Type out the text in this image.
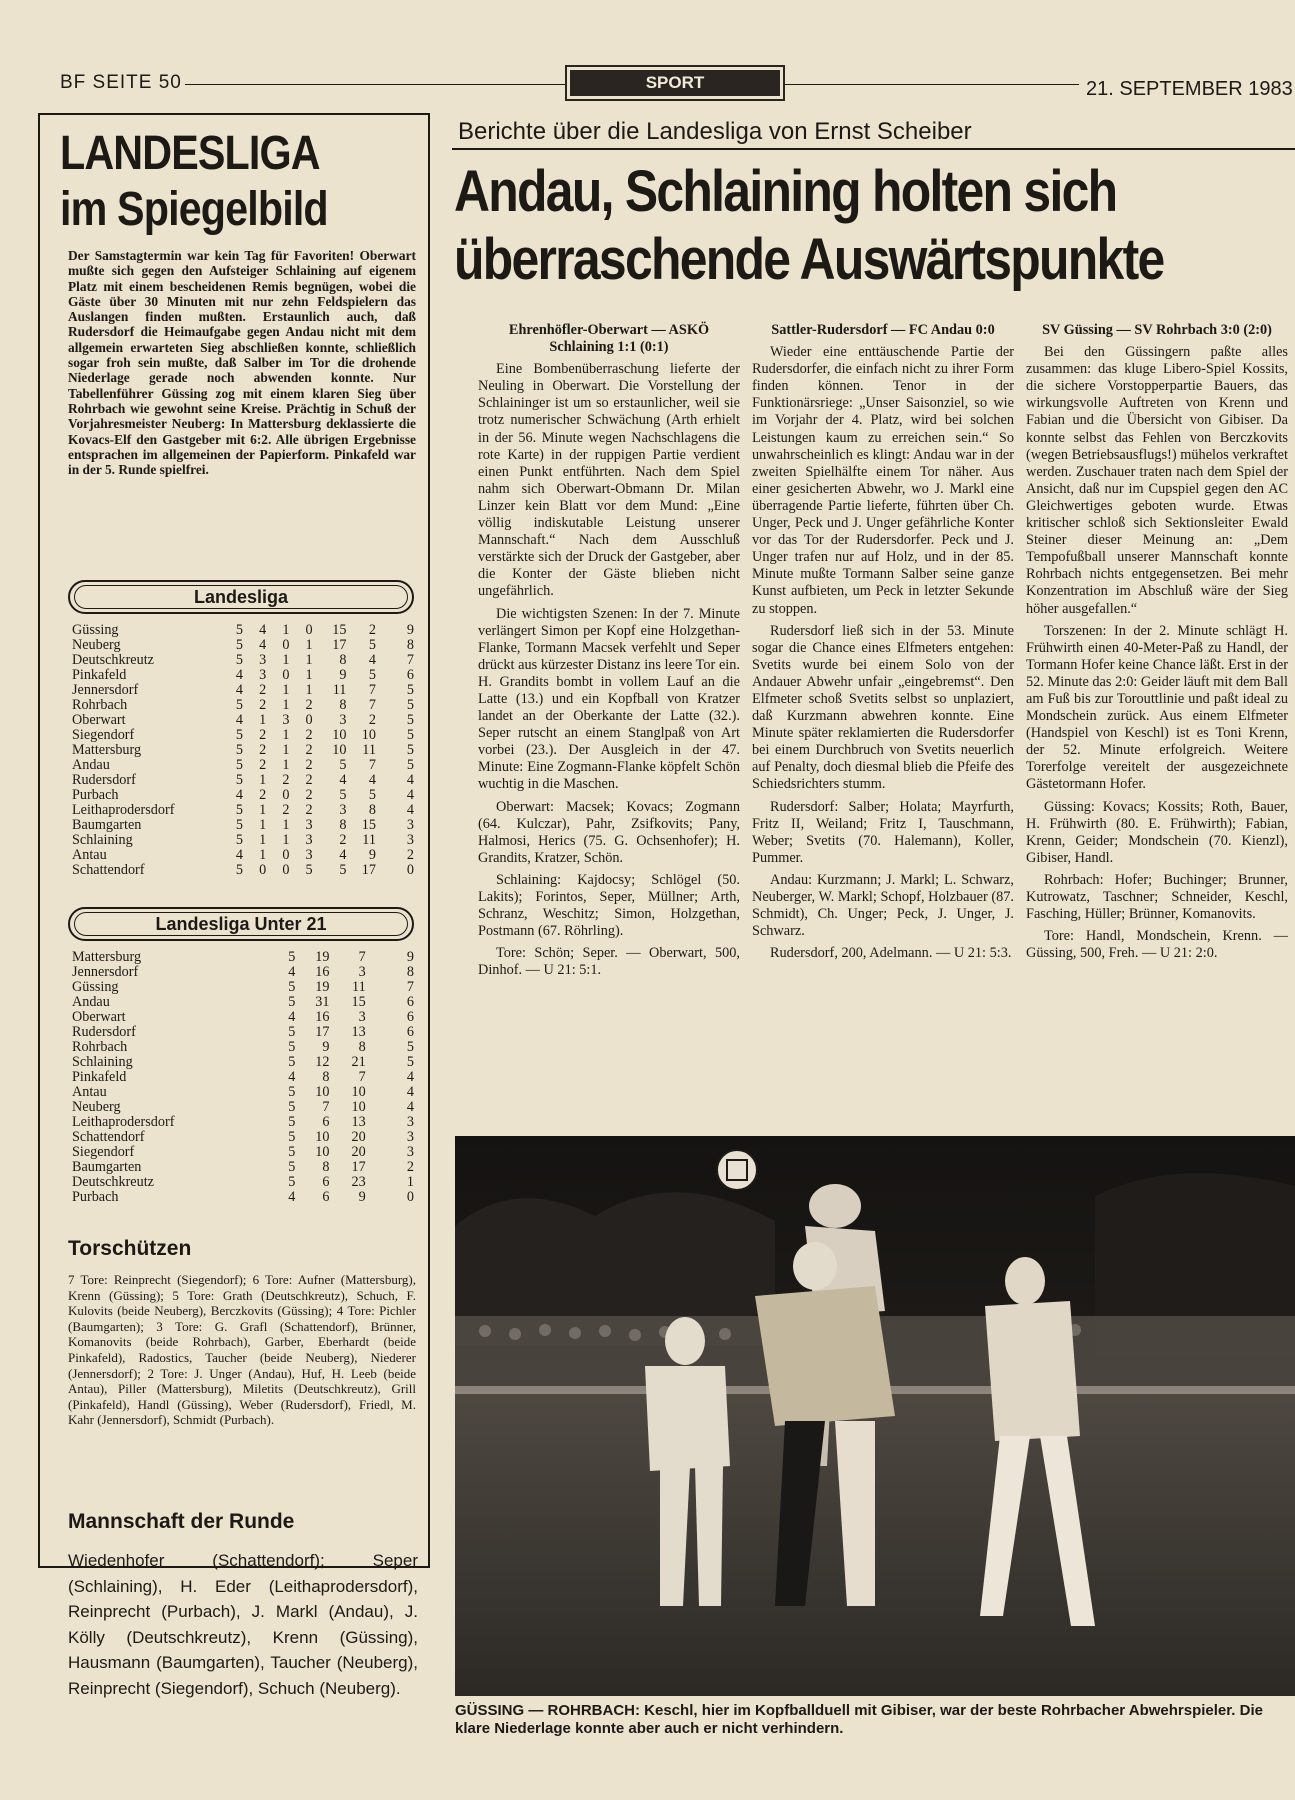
BF SEITE 50	SPORT	21. SEPTEMBER 1983
LANDESLIGA
im Spiegelbild
Der Samstagtermin war kein Tag für Favoriten! Oberwart mußte sich gegen den Aufsteiger Schlaining auf eigenem Platz mit einem bescheidenen Remis begnügen, wobei die Gäste über 30 Minuten mit nur zehn Feldspielern das Auslangen finden mußten. Erstaunlich auch, daß Rudersdorf die Heimaufgabe gegen Andau nicht mit dem allgemein erwarteten Sieg abschließen konnte, schließlich sogar froh sein mußte, daß Salber im Tor die drohende Niederlage gerade noch abwenden konnte. Nur Tabellenführer Güssing zog mit einem klaren Sieg über Rohrbach wie gewohnt seine Kreise. Prächtig in Schuß der Vorjahresmeister Neuberg: In Mattersburg deklassierte die Kovacs-Elf den Gastgeber mit 6:2. Alle übrigen Ergebnisse entsprachen im allgemeinen der Papierform. Pinkafeld war in der 5. Runde spielfrei.
Landesliga
Güssing	5	4	1	0	15	2	9
Neuberg	5	4	0	1	17	5	8
Deutschkreutz	5	3	1	1	8	4	7
Pinkafeld	4	3	0	1	9	5	6
Jennersdorf	4	2	1	1	11	7	5
Rohrbach	5	2	1	2	8	7	5
Oberwart	4	1	3	0	3	2	5
Siegendorf	5	2	1	2	10	10	5
Mattersburg	5	2	1	2	10	11	5
Andau	5	2	1	2	5	7	5
Rudersdorf	5	1	2	2	4	4	4
Purbach	4	2	0	2	5	5	4
Leithaprodersdorf	5	1	2	2	3	8	4
Baumgarten	5	1	1	3	8	15	3
Schlaining	5	1	1	3	2	11	3
Antau	4	1	0	3	4	9	2
Schattendorf	5	0	0	5	5	17	0
Landesliga Unter 21
Mattersburg	5	19	7	9
Jennersdorf	4	16	3	8
Güssing	5	19	11	7
Andau	5	31	15	6
Oberwart	4	16	3	6
Rudersdorf	5	17	13	6
Rohrbach	5	9	8	5
Schlaining	5	12	21	5
Pinkafeld	4	8	7	4
Antau	5	10	10	4
Neuberg	5	7	10	4
Leithaprodersdorf	5	6	13	3
Schattendorf	5	10	20	3
Siegendorf	5	10	20	3
Baumgarten	5	8	17	2
Deutschkreutz	5	6	23	1
Purbach	4	6	9	0
Torschützen
7 Tore: Reinprecht (Siegendorf); 6 Tore: Aufner (Mattersburg), Krenn (Güssing); 5 Tore: Grath (Deutschkreutz), Schuch, F. Kulovits (beide Neuberg), Berczkovits (Güssing); 4 Tore: Pichler (Baumgarten); 3 Tore: G. Grafl (Schattendorf), Brünner, Komanovits (beide Rohrbach), Garber, Eberhardt (beide Pinkafeld), Radostics, Taucher (beide Neuberg), Niederer (Jennersdorf); 2 Tore: J. Unger (Andau), Huf, H. Leeb (beide Antau), Piller (Mattersburg), Miletits (Deutschkreutz), Grill (Pinkafeld), Handl (Güssing), Weber (Rudersdorf), Friedl, M. Kahr (Jennersdorf), Schmidt (Purbach).
Mannschaft der Runde
Wiedenhofer (Schattendorf); Seper (Schlaining), H. Eder (Leithaprodersdorf), Reinprecht (Purbach), J. Markl (Andau), J. Kölly (Deutschkreutz), Krenn (Güssing), Hausmann (Baumgarten), Taucher (Neuberg), Reinprecht (Siegendorf), Schuch (Neuberg).
Berichte über die Landesliga von Ernst Scheiber
Andau, Schlaining holten sich
überraschende Auswärtspunkte

Ehrenhöfler-Oberwart — ASKÖ Schlaining 1:1 (0:1)

Eine Bombenüberraschung lieferte der Neuling in Oberwart. Die Vorstellung der Schlaininger ist um so erstaunlicher, weil sie trotz numerischer Schwächung (Arth erhielt in der 56. Minute wegen Nachschlagens die rote Karte) in der ruppigen Partie verdient einen Punkt entführten. Nach dem Spiel nahm sich Oberwart-Obmann Dr. Milan Linzer kein Blatt vor dem Mund: „Eine völlig indiskutable Leistung unserer Mannschaft.“ Nach dem Ausschluß verstärkte sich der Druck der Gastgeber, aber die Konter der Gäste blieben nicht ungefährlich.

Die wichtigsten Szenen: In der 7. Minute verlängert Simon per Kopf eine Holzgethan-Flanke, Tormann Macsek verfehlt und Seper drückt aus kürzester Distanz ins leere Tor ein. H. Grandits bombt in vollem Lauf an die Latte (13.) und ein Kopfball von Kratzer landet an der Oberkante der Latte (32.). Seper rutscht an einem Stanglpaß von Art vorbei (23.). Der Ausgleich in der 47. Minute: Eine Zogmann-Flanke köpfelt Schön wuchtig in die Maschen.

Oberwart: Macsek; Kovacs; Zogmann (64. Kulczar), Pahr, Zsifkovits; Pany, Halmosi, Herics (75. G. Ochsenhofer); H. Grandits, Kratzer, Schön.

Schlaining: Kajdocsy; Schlögel (50. Lakits); Forintos, Seper, Müllner; Arth, Schranz, Weschitz; Simon, Holzgethan, Postmann (67. Röhrling).

Tore: Schön; Seper. — Oberwart, 500, Dinhof. — U 21: 5:1.

Sattler-Rudersdorf — FC Andau 0:0

Wieder eine enttäuschende Partie der Rudersdorfer, die einfach nicht zu ihrer Form finden können. Tenor in der Funktionärsriege: „Unser Saisonziel, so wie im Vorjahr der 4. Platz, wird bei solchen Leistungen kaum zu erreichen sein.“ So unwahrscheinlich es klingt: Andau war in der zweiten Spielhälfte einem Tor näher. Aus einer gesicherten Abwehr, wo J. Markl eine überragende Partie lieferte, führten über Ch. Unger, Peck und J. Unger gefährliche Konter vor das Tor der Rudersdorfer. Peck und J. Unger trafen nur auf Holz, und in der 85. Minute mußte Tormann Salber seine ganze Kunst aufbieten, um Peck in letzter Sekunde zu stoppen.

Rudersdorf ließ sich in der 53. Minute sogar die Chance eines Elfmeters entgehen: Svetits wurde bei einem Solo von der Andauer Abwehr unfair „eingebremst“. Den Elfmeter schoß Svetits selbst so unplaziert, daß Kurzmann abwehren konnte. Eine Minute später reklamierten die Rudersdorfer bei einem Durchbruch von Svetits neuerlich auf Penalty, doch diesmal blieb die Pfeife des Schiedsrichters stumm.

Rudersdorf: Salber; Holata; Mayrfurth, Fritz II, Weiland; Fritz I, Tauschmann, Weber; Svetits (70. Halemann), Koller, Pummer.

Andau: Kurzmann; J. Markl; L. Schwarz, Neuberger, W. Markl; Schopf, Holzbauer (87. Schmidt), Ch. Unger; Peck, J. Unger, J. Schwarz.

Rudersdorf, 200, Adelmann. — U 21: 5:3.

SV Güssing — SV Rohrbach 3:0 (2:0)

Bei den Güssingern paßte alles zusammen: das kluge Libero-Spiel Kossits, die sichere Vorstopperpartie Bauers, das wirkungsvolle Auftreten von Krenn und Fabian und die Übersicht von Gibiser. Da konnte selbst das Fehlen von Berczkovits (wegen Betriebsausflugs!) mühelos verkraftet werden. Zuschauer traten nach dem Spiel der Ansicht, daß nur im Cupspiel gegen den AC Gleichwertiges geboten wurde. Etwas kritischer schloß sich Sektionsleiter Ewald Steiner dieser Meinung an: „Dem Tempofußball unserer Mannschaft konnte Rohrbach nichts entgegensetzen. Bei mehr Konzentration im Abschluß wäre der Sieg höher ausgefallen.“

Torszenen: In der 2. Minute schlägt H. Frühwirth einen 40-Meter-Paß zu Handl, der Tormann Hofer keine Chance läßt. Erst in der 52. Minute das 2:0: Geider läuft mit dem Ball am Fuß bis zur Torouttlinie und paßt ideal zu Mondschein zurück. Aus einem Elfmeter (Handspiel von Keschl) ist es Toni Krenn, der 52. Minute erfolgreich. Weitere Torerfolge vereitelt der ausgezeichnete Gästetormann Hofer.

Güssing: Kovacs; Kossits; Roth, Bauer, H. Frühwirth (80. E. Frühwirth); Fabian, Krenn, Geider; Mondschein (70. Kienzl), Gibiser, Handl.

Rohrbach: Hofer; Buchinger; Brunner, Kutrowatz, Taschner; Schneider, Keschl, Fasching, Hüller; Brünner, Komanovits.

Tore: Handl, Mondschein, Krenn. — Güssing, 500, Freh. — U 21: 2:0.

GÜSSING — ROHRBACH: Keschl, hier im Kopfballduell mit Gibiser, war der beste Rohrbacher Abwehrspieler. Die klare Niederlage konnte aber auch er nicht verhindern.
